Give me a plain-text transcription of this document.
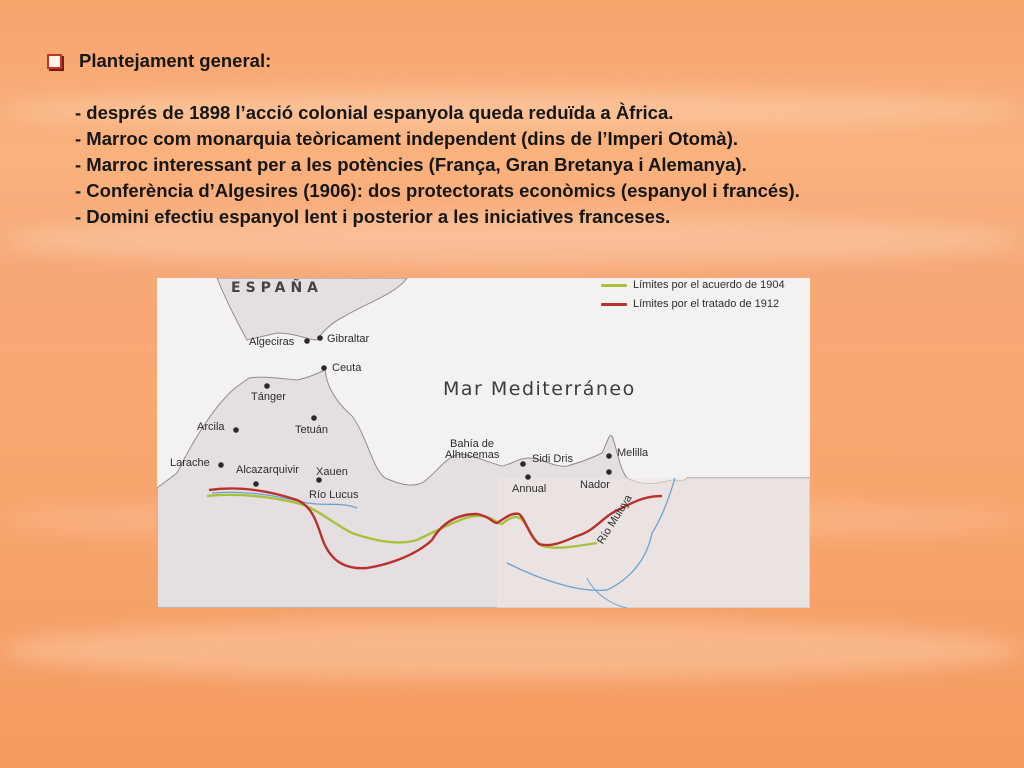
Plantejament general:
- després de 1898 l’acció colonial espanyola queda reduïda a Àfrica.
- Marroc com monarquia teòricament independent (dins de l’Imperi Otomà).
- Marroc interessant per a les potències (França, Gran Bretanya i Alemanya).
- Conferència d’Algesires (1906): dos protectorats econòmics (espanyol i francés).
- Domini efectiu espanyol lent i posterior a les iniciatives franceses.
Límites por el acuerdo de 1904
Límites por el tratado de 1912
ESPAÑA
Mar Mediterráneo
Algeciras	Gibraltar
Ceuta
Tánger
Tetuán
Arcila
Larache
Alcazarquivir Xauen
Río Lucus
Bahía de
Alhucemas	Sidi Dris
Annual
Melilla
Nador
Río Muluya
